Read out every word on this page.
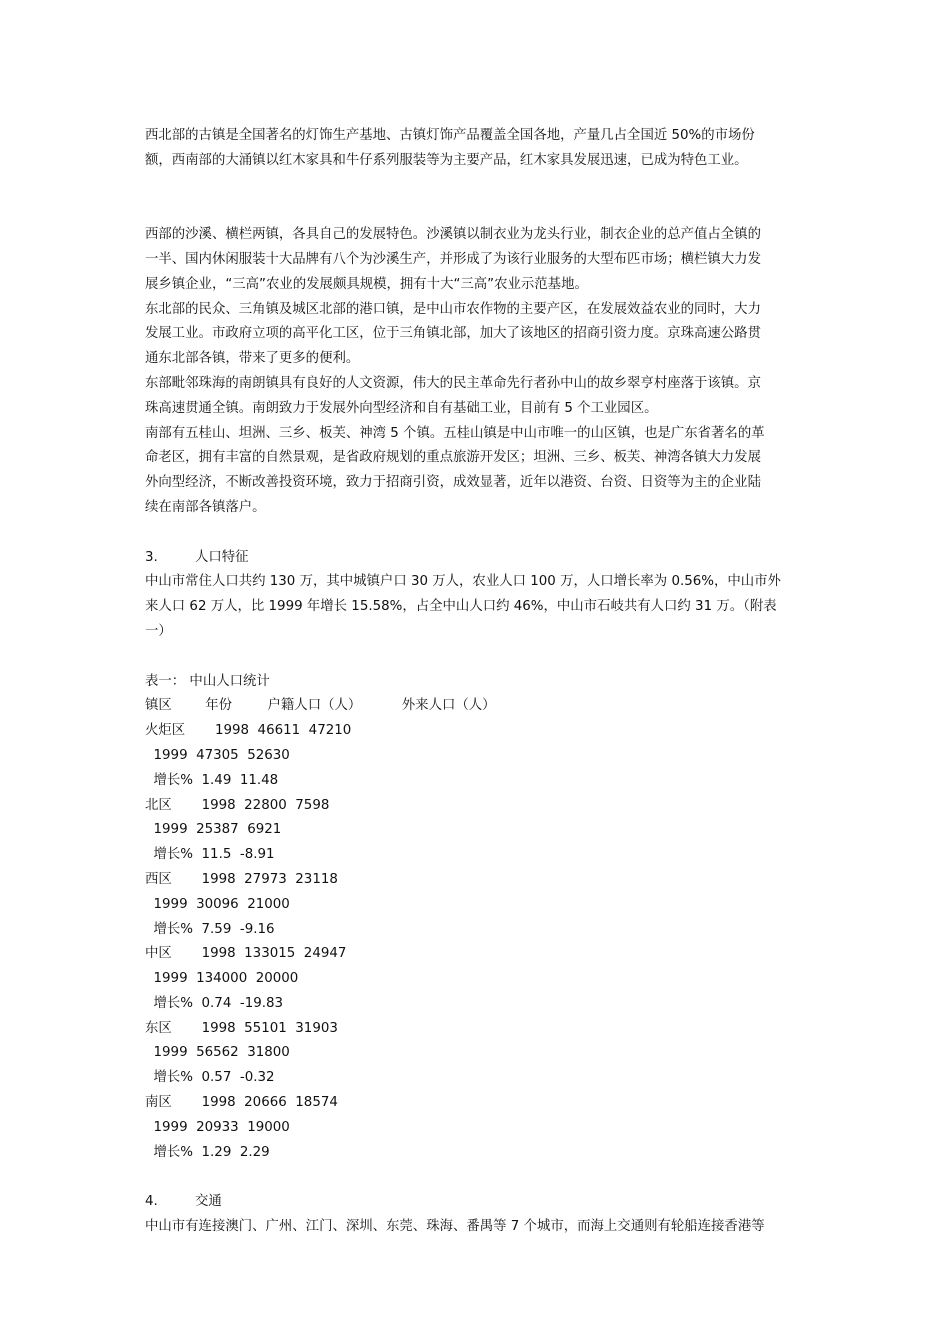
西北部的古镇是全国著名的灯饰生产基地、古镇灯饰产品覆盖全国各地，产量几占全国近 50%的市场份
额，西南部的大涌镇以红木家具和牛仔系列服装等为主要产品，红木家具发展迅速，已成为特色工业。
西部的沙溪、横栏两镇，各具自己的发展特色。沙溪镇以制衣业为龙头行业，制衣企业的总产值占全镇的
一半、国内休闲服装十大品牌有八个为沙溪生产，并形成了为该行业服务的大型布匹市场；横栏镇大力发
展乡镇企业，“三高”农业的发展颇具规模，拥有十大“三高”农业示范基地。
东北部的民众、三角镇及城区北部的港口镇，是中山市农作物的主要产区，在发展效益农业的同时，大力
发展工业。市政府立项的高平化工区，位于三角镇北部，加大了该地区的招商引资力度。京珠高速公路贯
通东北部各镇，带来了更多的便利。
东部毗邻珠海的南朗镇具有良好的人文资源，伟大的民主革命先行者孙中山的故乡翠亨村座落于该镇。京
珠高速贯通全镇。南朗致力于发展外向型经济和自有基础工业，目前有 5 个工业园区。
南部有五桂山、坦洲、三乡、板芙、神湾 5 个镇。五桂山镇是中山市唯一的山区镇，也是广东省著名的革
命老区，拥有丰富的自然景观，是省政府规划的重点旅游开发区；坦洲、三乡、板芙、神湾各镇大力发展
外向型经济，不断改善投资环境，致力于招商引资，成效显著，近年以港资、台资、日资等为主的企业陆
续在南部各镇落户。
3.	人口特征
中山市常住人口共约 130 万，其中城镇户口 30 万人，农业人口 100 万，人口增长率为 0.56%，中山市外
来人口 62 万人，比 1999 年增长 15.58%，占全中山人口约 46%，中山市石岐共有人口约 31 万。（附表
一）
表一： 中山人口统计
镇区 年份	户籍人口（人）	外来人口（人）
火炬区       1998  46611  47210
1999  47305  52630
增长%  1.49  11.48
北区       1998  22800  7598
1999  25387  6921
增长%  11.5  -8.91
西区       1998  27973  23118
1999  30096  21000
增长%  7.59  -9.16
中区       1998  133015  24947
1999  134000  20000
增长%  0.74  -19.83
东区       1998  55101  31903
1999  56562  31800
增长%  0.57  -0.32
南区       1998  20666  18574
1999  20933  19000
增长%  1.29  2.29
4.	交通
中山市有连接澳门、广州、江门、深圳、东莞、珠海、番禺等 7 个城市，而海上交通则有轮船连接香港等
